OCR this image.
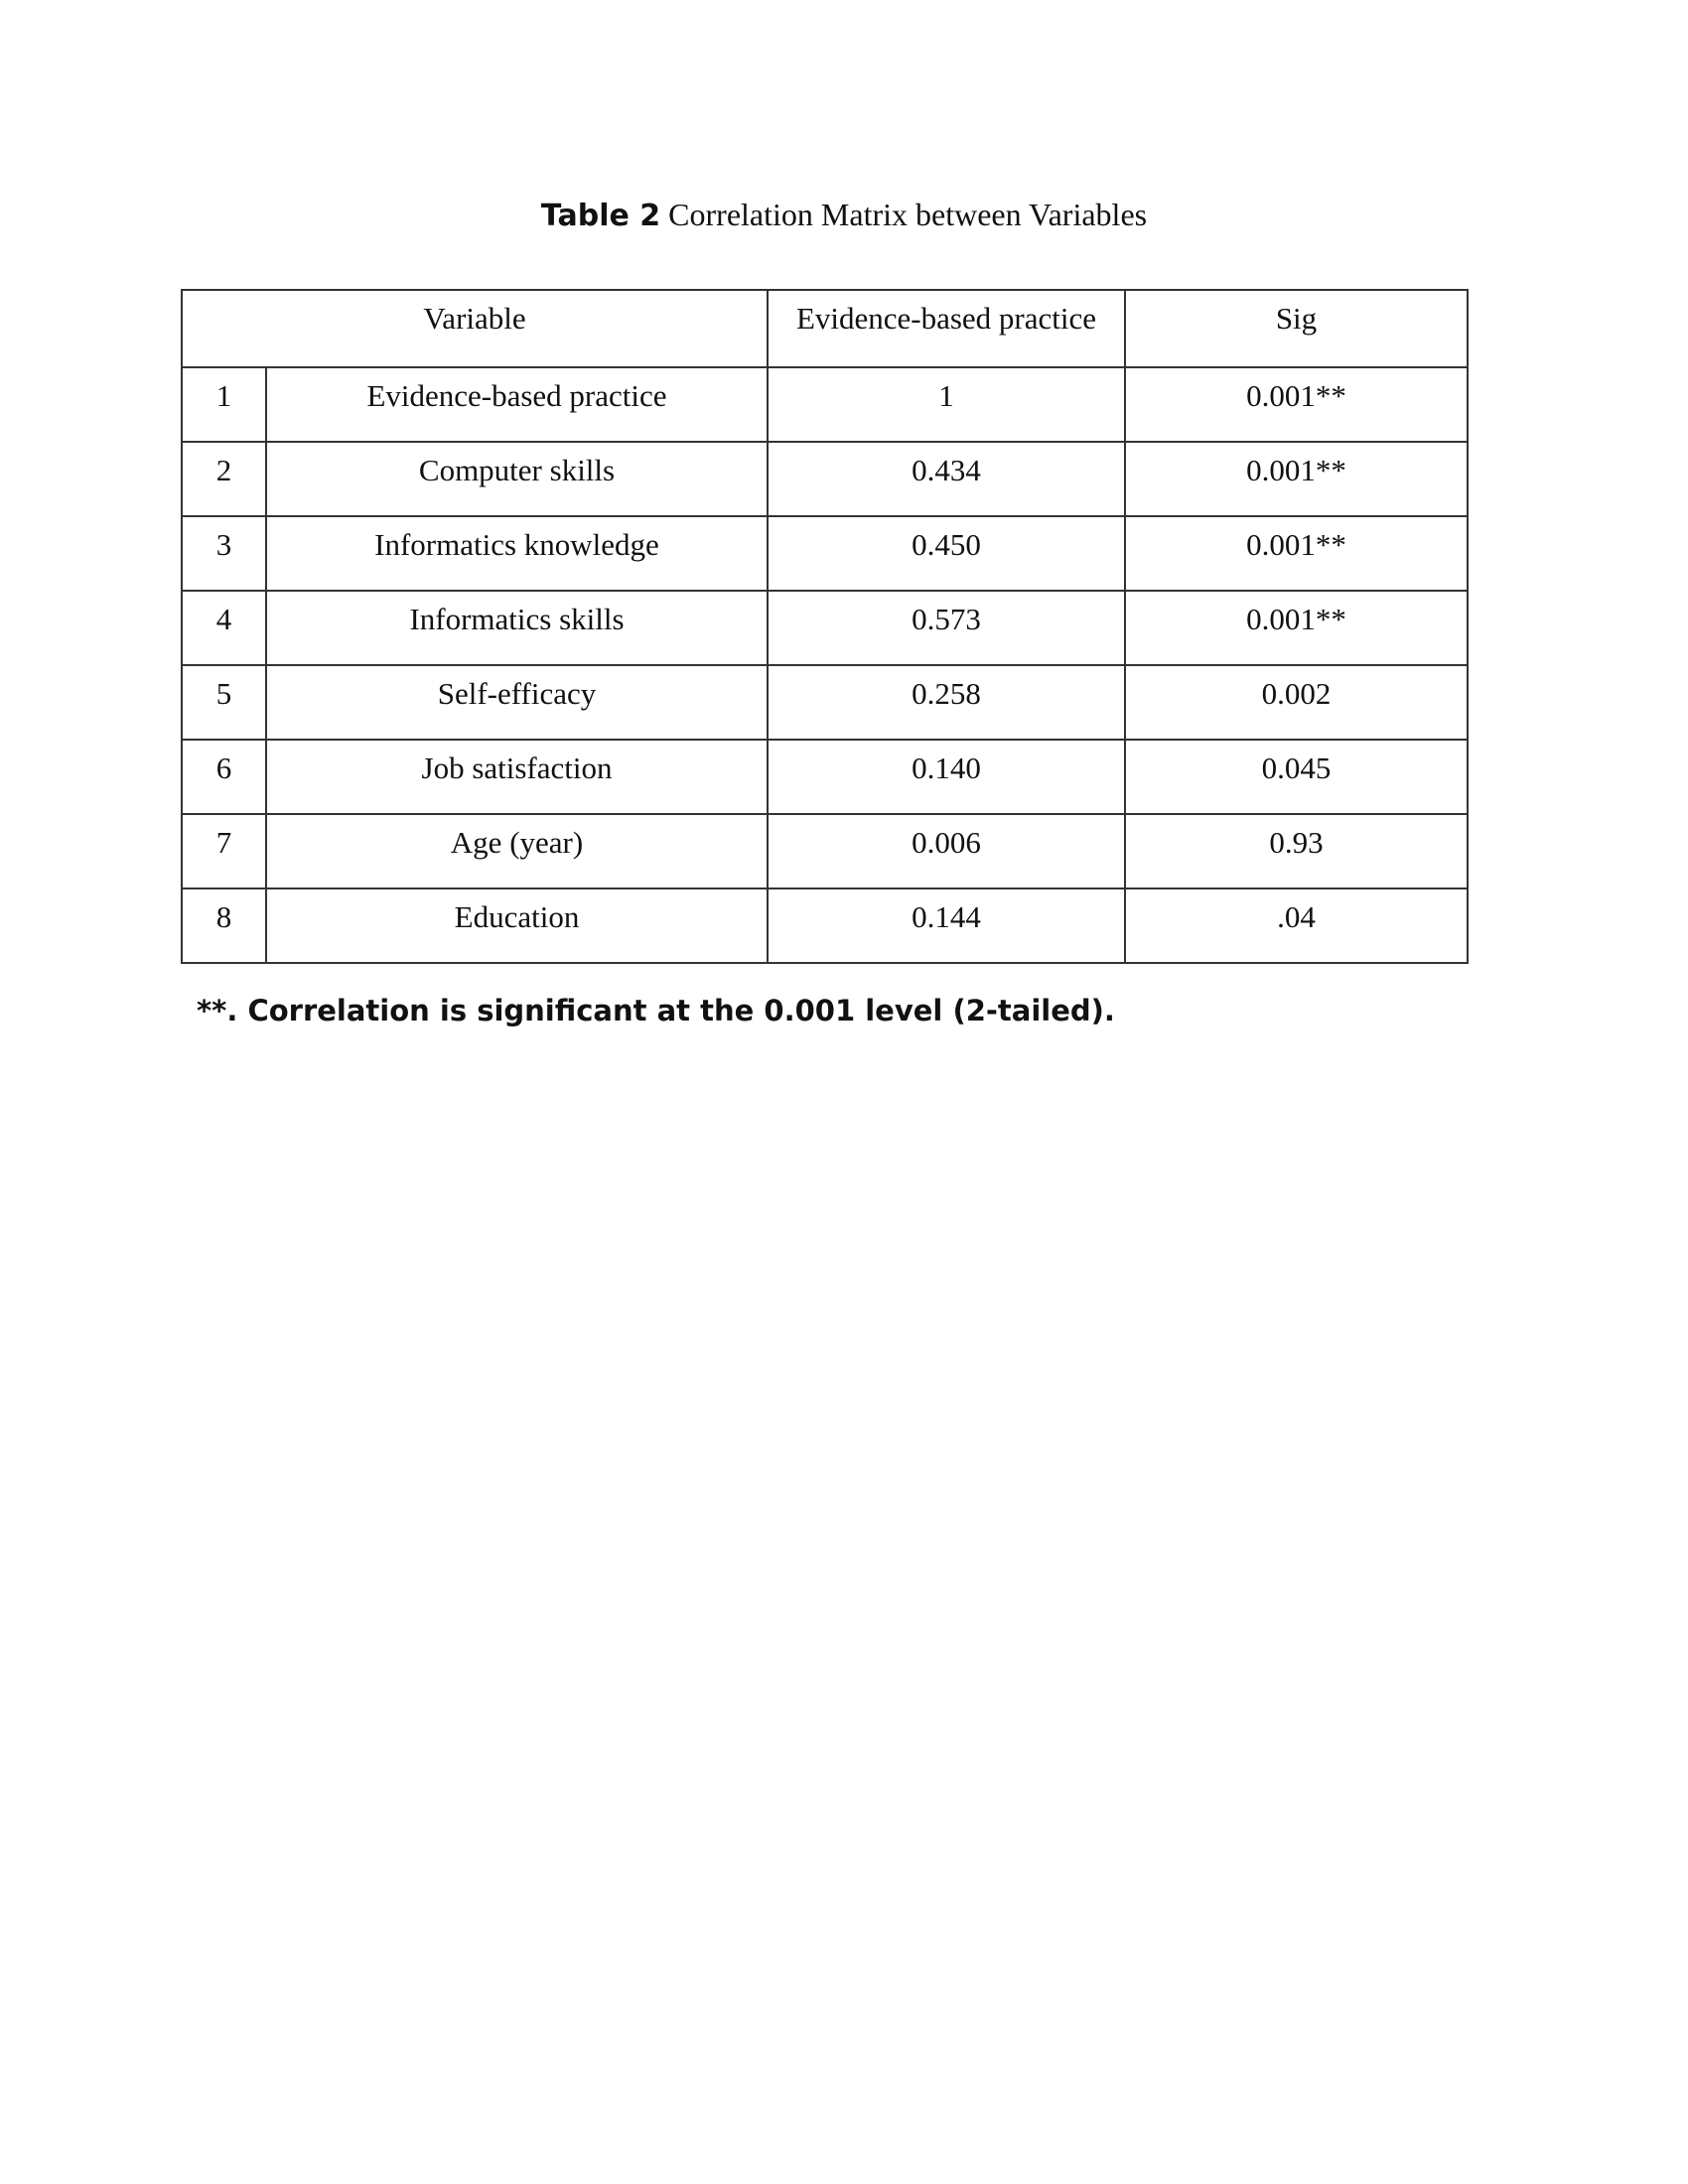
Table 2 Correlation Matrix between Variables
Variable		Evidence-based practice	Sig
1	Evidence-based practice	1	0.001**
2	Computer skills	0.434	0.001**
3	Informatics knowledge	0.450	0.001**
4	Informatics skills	0.573	0.001**
5	Self-efficacy	0.258	0.002
6	Job satisfaction	0.140	0.045
7	Age (year)	0.006	0.93
8	Education	0.144	.04
**. Correlation is significant at the 0.001 level (2-tailed).
